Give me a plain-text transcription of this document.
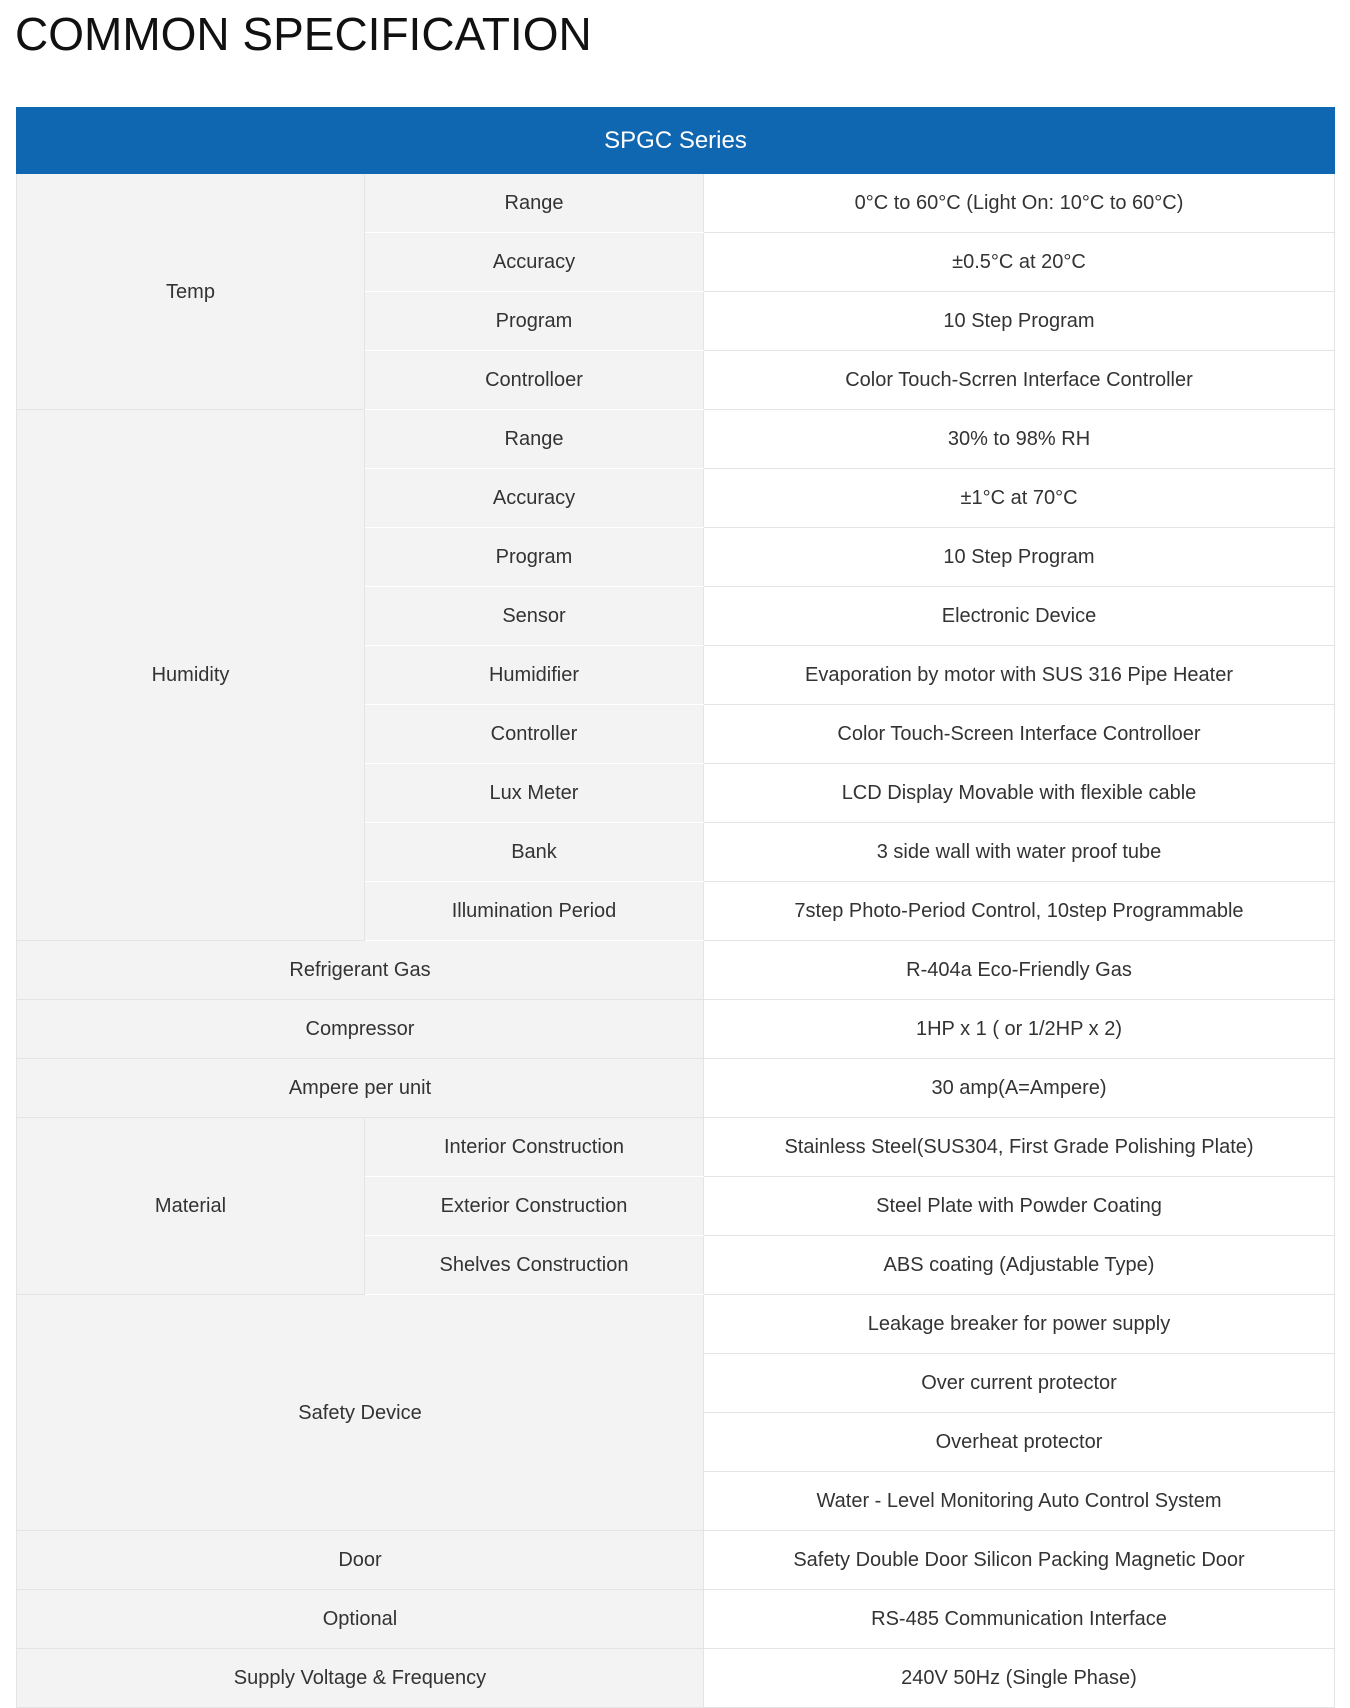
COMMON SPECIFICATION
SPGC Series		
Temp	Range	0°C to 60°C (Light On: 10°C to 60°C)
	Accuracy	±0.5°C at 20°C
	Program	10 Step Program
	Controlloer	Color Touch-Scrren Interface Controller
Humidity	Range	30% to 98% RH
	Accuracy	±1°C at 70°C
	Program	10 Step Program
	Sensor	Electronic Device
	Humidifier	Evaporation by motor with SUS 316 Pipe Heater
	Controller	Color Touch-Screen Interface Controlloer
	Lux Meter	LCD Display Movable with flexible cable
	Bank	3 side wall with water proof tube
	Illumination Period	7step Photo-Period Control, 10step Programmable
Refrigerant Gas		R-404a Eco-Friendly Gas
Compressor		1HP x 1 ( or 1/2HP x 2)
Ampere per unit		30 amp(A=Ampere)
Material	Interior Construction	Stainless Steel(SUS304, First Grade Polishing Plate)
	Exterior Construction	Steel Plate with Powder Coating
	Shelves Construction	ABS coating (Adjustable Type)
Safety Device		Leakage breaker for power supply
		Over current protector
		Overheat protector
		Water - Level Monitoring Auto Control System
Door		Safety Double Door Silicon Packing Magnetic Door
Optional		RS-485 Communication Interface
Supply Voltage & Frequency		240V 50Hz (Single Phase)
